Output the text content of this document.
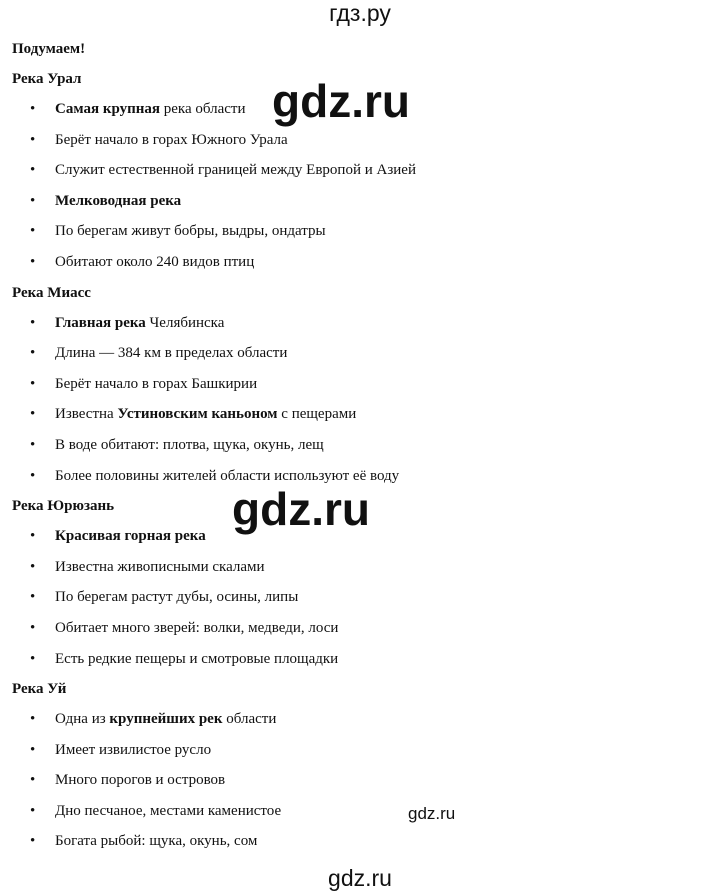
гдз.ру
Подумаем!
Река Урал
• Самая крупная река области
• Берёт начало в горах Южного Урала
• Служит естественной границей между Европой и Азией
• Мелководная река
• По берегам живут бобры, выдры, ондатры
• Обитают около 240 видов птиц
Река Миасс
• Главная река Челябинска
• Длина — 384 км в пределах области
• Берёт начало в горах Башкирии
• Известна Устиновским каньоном с пещерами
• В воде обитают: плотва, щука, окунь, лещ
• Более половины жителей области используют её воду
Река Юрюзань
• Красивая горная река
• Известна живописными скалами
• По берегам растут дубы, осины, липы
• Обитает много зверей: волки, медведи, лоси
• Есть редкие пещеры и смотровые площадки
Река Уй
• Одна из крупнейших рек области
• Имеет извилистое русло
• Много порогов и островов
• Дно песчаное, местами каменистое
• Богата рыбой: щука, окунь, сом
gdz.ru
gdz.ru
gdz.ru
gdz.ru
